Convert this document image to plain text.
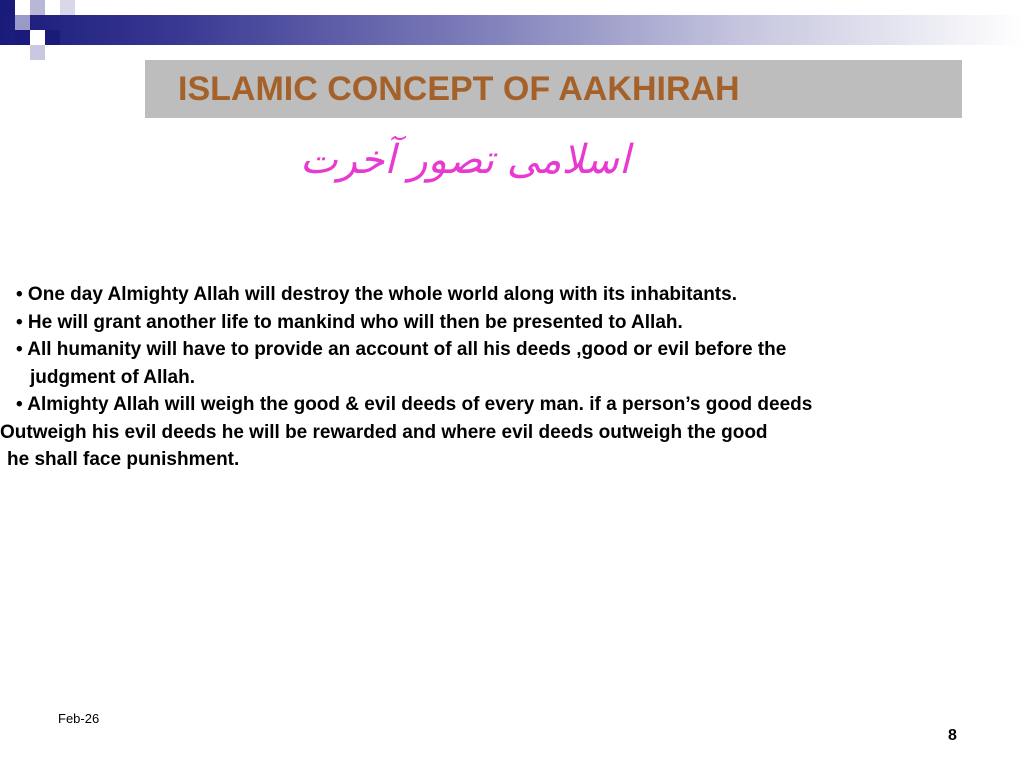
ISLAMIC CONCEPT OF AAKHIRAH
اسلامی تصور آخرت
• One day Almighty Allah will destroy the whole world along with its inhabitants.
• He will grant another life to mankind who will then be presented to Allah.
• All humanity will have to provide an account of all his deeds ,good or evil before the
judgment of Allah.
• Almighty Allah will weigh the good & evil deeds of every man. if a person’s good deeds
Outweigh his evil deeds he will be rewarded and where evil deeds outweigh the good
he shall face punishment.
Feb-26
8
